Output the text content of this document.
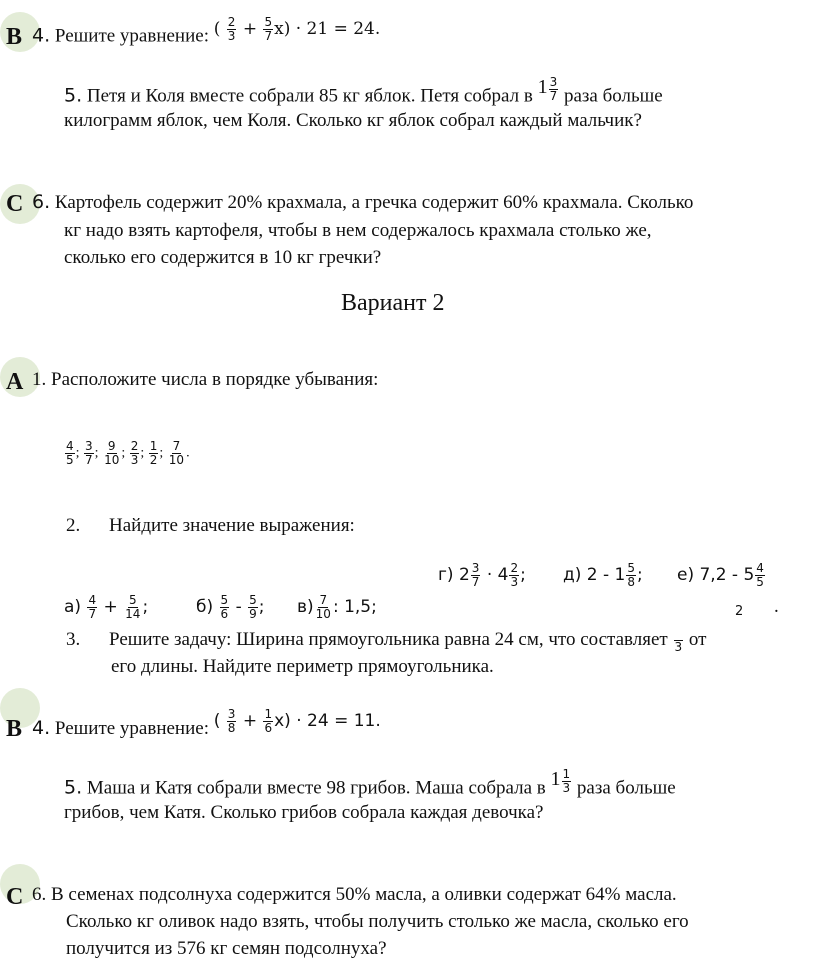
B 4. Решите уравнение: ( $\frac{2}{3} + \frac{5}{7} x) \cdot 21 = 24$.
5. Петя и Коля вместе собрали 85 кг яблок. Петя собрал в $1 \frac{3}{7}$ раза больше
килограмм яблок, чем Коля. Сколько кг яблок собрал каждый мальчик?
C 6. Картофель содержит 20% крахмала, а гречка содержит 60% крахмала. Сколько
кг надо взять картофеля, чтобы в нем содержалось крахмала столько же,
сколько его содержится в 10 кг гречки?
Вариант 2
A 1. Расположите числа в порядке убывания:
$\frac{4}{5}$ ; $\frac{3}{7}$ ; $\frac{9}{10}$ ; $\frac{2}{3}$ ; $\frac{1}{2}$ ; $\frac{7}{10}$ .
2. Найдите значение выражения:
г) $2 \frac{3}{7} \cdot 4 \frac{2}{3}$ ; д) $2 - 1 \frac{5}{8}$ ; е) $7,2 - 5 \frac{4}{5}$
$а) \frac{4}{7} + \frac{5}{14}$ ;	$б) \frac{5}{6} - \frac{5}{9}$ ; $в) \frac{7}{10}$ : 1,5;	2 .
3. Решите задачу: Ширина прямоугольника равна 24 см, что составляет 3 от
его длины. Найдите периметр прямоугольника.
B 4. Решите уравнение: ( $\frac{3}{8} + \frac{1}{6} x) \cdot 24 = 11$.
5. Маша и Катя собрали вместе 98 грибов. Маша собрала в $1 \frac{1}{3}$ раза больше
грибов, чем Катя. Сколько грибов собрала каждая девочка?
C 6. В семенах подсолнуха содержится 50% масла, а оливки содержат 64% масла.
Сколько кг оливок надо взять, чтобы получить столько же масла, сколько его
получится из 576 кг семян подсолнуха?
